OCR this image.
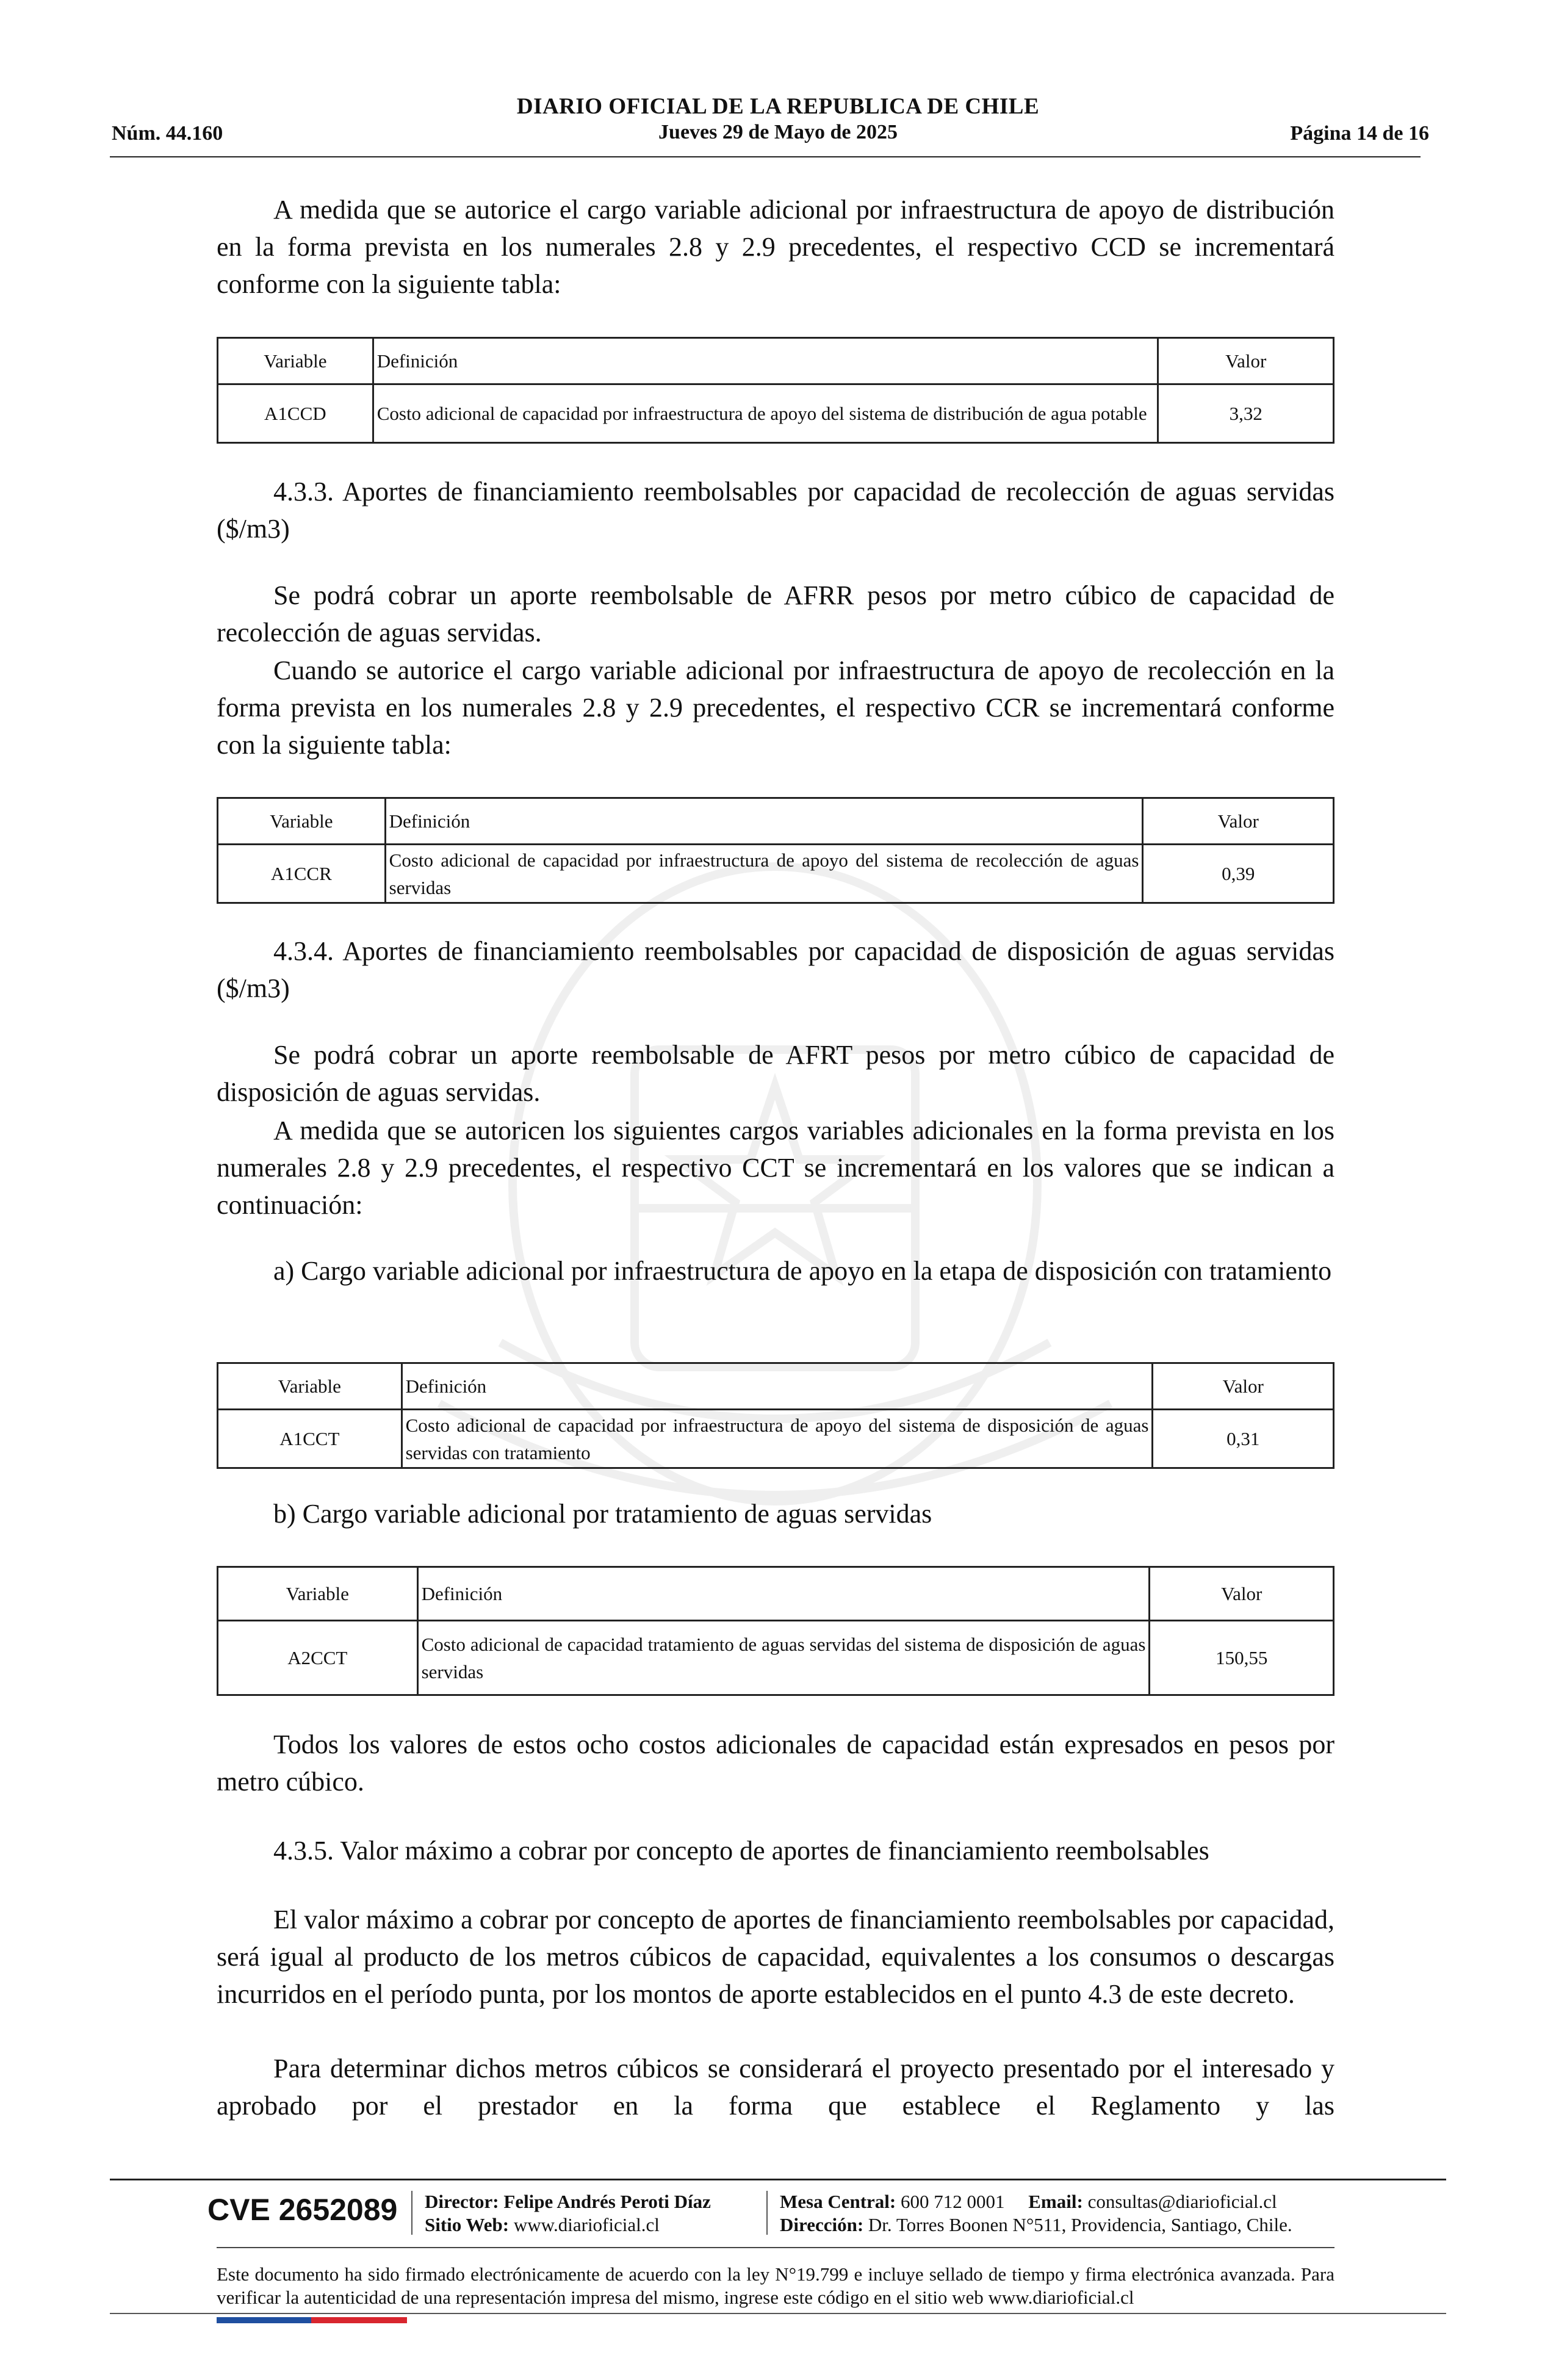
DIARIO OFICIAL DE LA REPUBLICA DE CHILE
Núm. 44.160	Jueves 29 de Mayo de 2025	Página 14 de 16
A medida que se autorice el cargo variable adicional por infraestructura de apoyo de distribución en la forma prevista en los numerales 2.8 y 2.9 precedentes, el respectivo CCD se incrementará conforme con la siguiente tabla:
Variable	Definición	Valor
A1CCD	Costo adicional de capacidad por infraestructura de apoyo del sistema de distribución de agua potable	3,32
4.3.3. Aportes de financiamiento reembolsables por capacidad de recolección de aguas servidas ($/m3)
Se podrá cobrar un aporte reembolsable de AFRR pesos por metro cúbico de capacidad de recolección de aguas servidas.
Cuando se autorice el cargo variable adicional por infraestructura de apoyo de recolección en la forma prevista en los numerales 2.8 y 2.9 precedentes, el respectivo CCR se incrementará conforme con la siguiente tabla:
Variable	Definición	Valor
A1CCR	Costo adicional de capacidad por infraestructura de apoyo del sistema de recolección de aguas servidas	0,39
4.3.4. Aportes de financiamiento reembolsables por capacidad de disposición de aguas servidas ($/m3)
Se podrá cobrar un aporte reembolsable de AFRT pesos por metro cúbico de capacidad de disposición de aguas servidas.
A medida que se autoricen los siguientes cargos variables adicionales en la forma prevista en los numerales 2.8 y 2.9 precedentes, el respectivo CCT se incrementará en los valores que se indican a continuación:
a) Cargo variable adicional por infraestructura de apoyo en la etapa de disposición con tratamiento
Variable	Definición	Valor
A1CCT	Costo adicional de capacidad por infraestructura de apoyo del sistema de disposición de aguas servidas con tratamiento	0,31
b) Cargo variable adicional por tratamiento de aguas servidas
Variable	Definición	Valor
A2CCT	Costo adicional de capacidad tratamiento de aguas servidas del sistema de disposición de aguas servidas	150,55
Todos los valores de estos ocho costos adicionales de capacidad están expresados en pesos por metro cúbico.
4.3.5. Valor máximo a cobrar por concepto de aportes de financiamiento reembolsables
El valor máximo a cobrar por concepto de aportes de financiamiento reembolsables por capacidad, será igual al producto de los metros cúbicos de capacidad, equivalentes a los consumos o descargas incurridos en el período punta, por los montos de aporte establecidos en el punto 4.3 de este decreto.
Para determinar dichos metros cúbicos se considerará el proyecto presentado por el interesado y aprobado por el prestador en la forma que establece el Reglamento y las
CVE 2652089 Director: Felipe Andrés Peroti Díaz
Sitio Web: www.diarioficial.cl
Mesa Central: 600 712 0001 Email: consultas@diarioficial.cl
Dirección: Dr. Torres Boonen N°511, Providencia, Santiago, Chile.
Este documento ha sido firmado electrónicamente de acuerdo con la ley N°19.799 e incluye sellado de tiempo y firma electrónica avanzada. Para verificar la autenticidad de una representación impresa del mismo, ingrese este código en el sitio web www.diarioficial.cl
